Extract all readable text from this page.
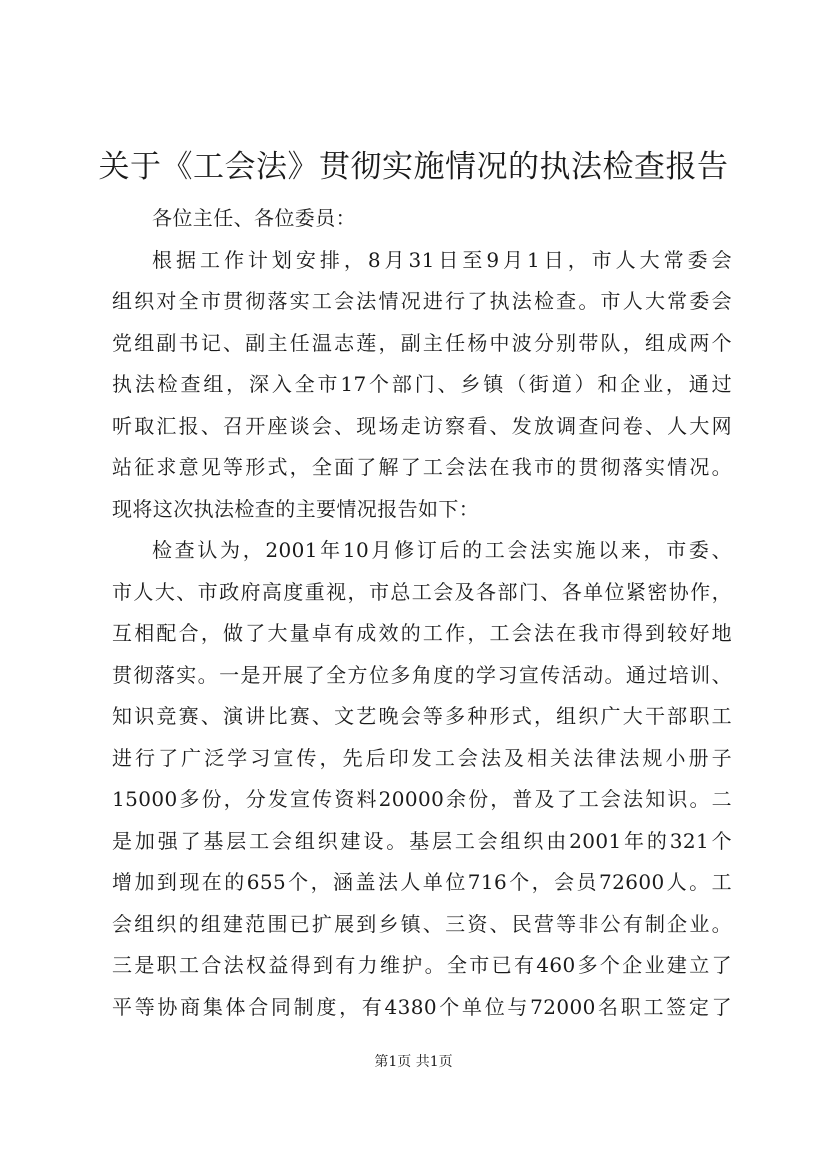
关于《工会法》贯彻实施情况的执法检查报告

各位主任、各位委员：

根据工作计划安排，8月31日至9月1日，市人大常委会

组织对全市贯彻落实工会法情况进行了执法检查。市人大常委会

党组副书记、副主任温志莲，副主任杨中波分别带队，组成两个

执法检查组，深入全市17个部门、乡镇（街道）和企业，通过

听取汇报、召开座谈会、现场走访察看、发放调查问卷、人大网

站征求意见等形式，全面了解了工会法在我市的贯彻落实情况。

现将这次执法检查的主要情况报告如下：

检查认为，2001年10月修订后的工会法实施以来，市委、

市人大、市政府高度重视，市总工会及各部门、各单位紧密协作，

互相配合，做了大量卓有成效的工作，工会法在我市得到较好地

贯彻落实。一是开展了全方位多角度的学习宣传活动。通过培训、

知识竞赛、演讲比赛、文艺晚会等多种形式，组织广大干部职工

进行了广泛学习宣传，先后印发工会法及相关法律法规小册子

15000多份，分发宣传资料20000余份，普及了工会法知识。二

是加强了基层工会组织建设。基层工会组织由2001年的321个

增加到现在的655个，涵盖法人单位716个，会员72600人。工

会组织的组建范围已扩展到乡镇、三资、民营等非公有制企业。

三是职工合法权益得到有力维护。全市已有460多个企业建立了

平等协商集体合同制度，有4380个单位与72000名职工签定了

第1页 共1页
